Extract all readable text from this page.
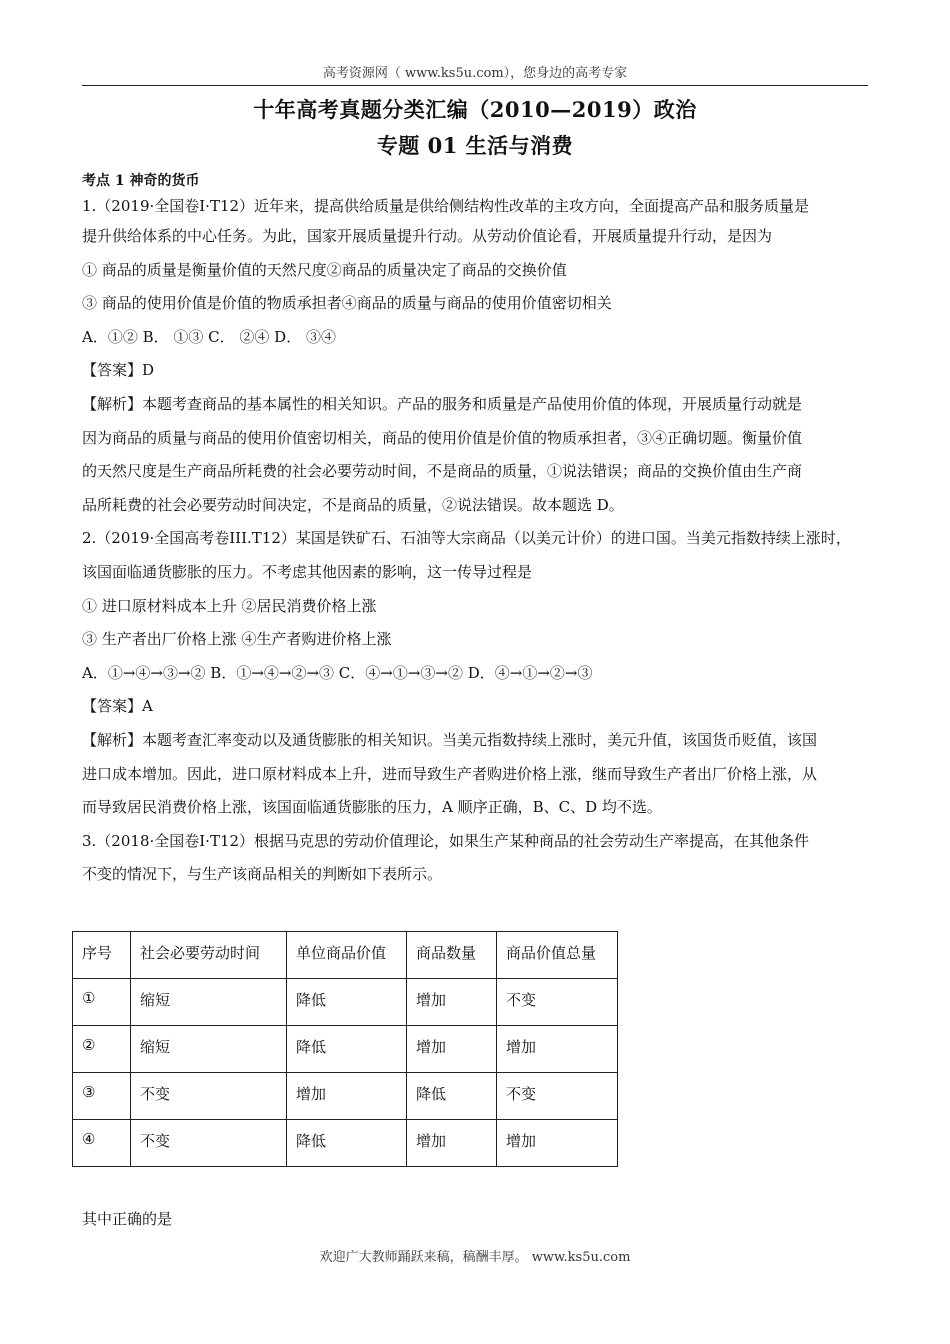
高考资源网（ www.ks5u.com），您身边的高考专家
十年高考真题分类汇编（2010—2019）政治
专题 01 生活与消费
考点 1 神奇的货币
1.（2019·全国卷Ⅰ·T12）近年来，提高供给质量是供给侧结构性改革的主攻方向，全面提高产品和服务质量是
提升供给体系的中心任务。为此，国家开展质量提升行动。从劳动价值论看，开展质量提升行动，是因为
① 商品的质量是衡量价值的天然尺度②商品的质量决定了商品的交换价值
③ 商品的使用价值是价值的物质承担者④商品的质量与商品的使用价值密切相关
A．①② B． ①③ C． ②④ D． ③④
【答案】D
【解析】本题考查商品的基本属性的相关知识。产品的服务和质量是产品使用价值的体现，开展质量行动就是
因为商品的质量与商品的使用价值密切相关，商品的使用价值是价值的物质承担者，③④正确切题。衡量价值
的天然尺度是生产商品所耗费的社会必要劳动时间，不是商品的质量，①说法错误；商品的交换价值由生产商
品所耗费的社会必要劳动时间决定，不是商品的质量，②说法错误。故本题选 D。
2.（2019·全国高考卷III.T12）某国是铁矿石、石油等大宗商品（以美元计价）的进口国。当美元指数持续上涨时，
该国面临通货膨胀的压力。不考虑其他因素的影响，这一传导过程是
① 进口原材料成本上升 ②居民消费价格上涨
③ 生产者出厂价格上涨 ④生产者购进价格上涨
A．①→④→③→② B．①→④→②→③ C．④→①→③→② D．④→①→②→③
【答案】A
【解析】本题考查汇率变动以及通货膨胀的相关知识。当美元指数持续上涨时，美元升值，该国货币贬值，该国
进口成本增加。因此，进口原材料成本上升，进而导致生产者购进价格上涨，继而导致生产者出厂价格上涨，从
而导致居民消费价格上涨，该国面临通货膨胀的压力，A 顺序正确，B、C、D 均不选。
3.（2018·全国卷Ⅰ·T12）根据马克思的劳动价值理论，如果生产某种商品的社会劳动生产率提高，在其他条件
不变的情况下，与生产该商品相关的判断如下表所示。
序号	社会必要劳动时间	单位商品价值	商品数量	商品价值总量
①	缩短	降低	增加	不变
②	缩短	降低	增加	增加
③	不变	增加	降低	不变
④	不变	降低	增加	增加
其中正确的是
欢迎广大教师踊跃来稿，稿酬丰厚。 www.ks5u.com
